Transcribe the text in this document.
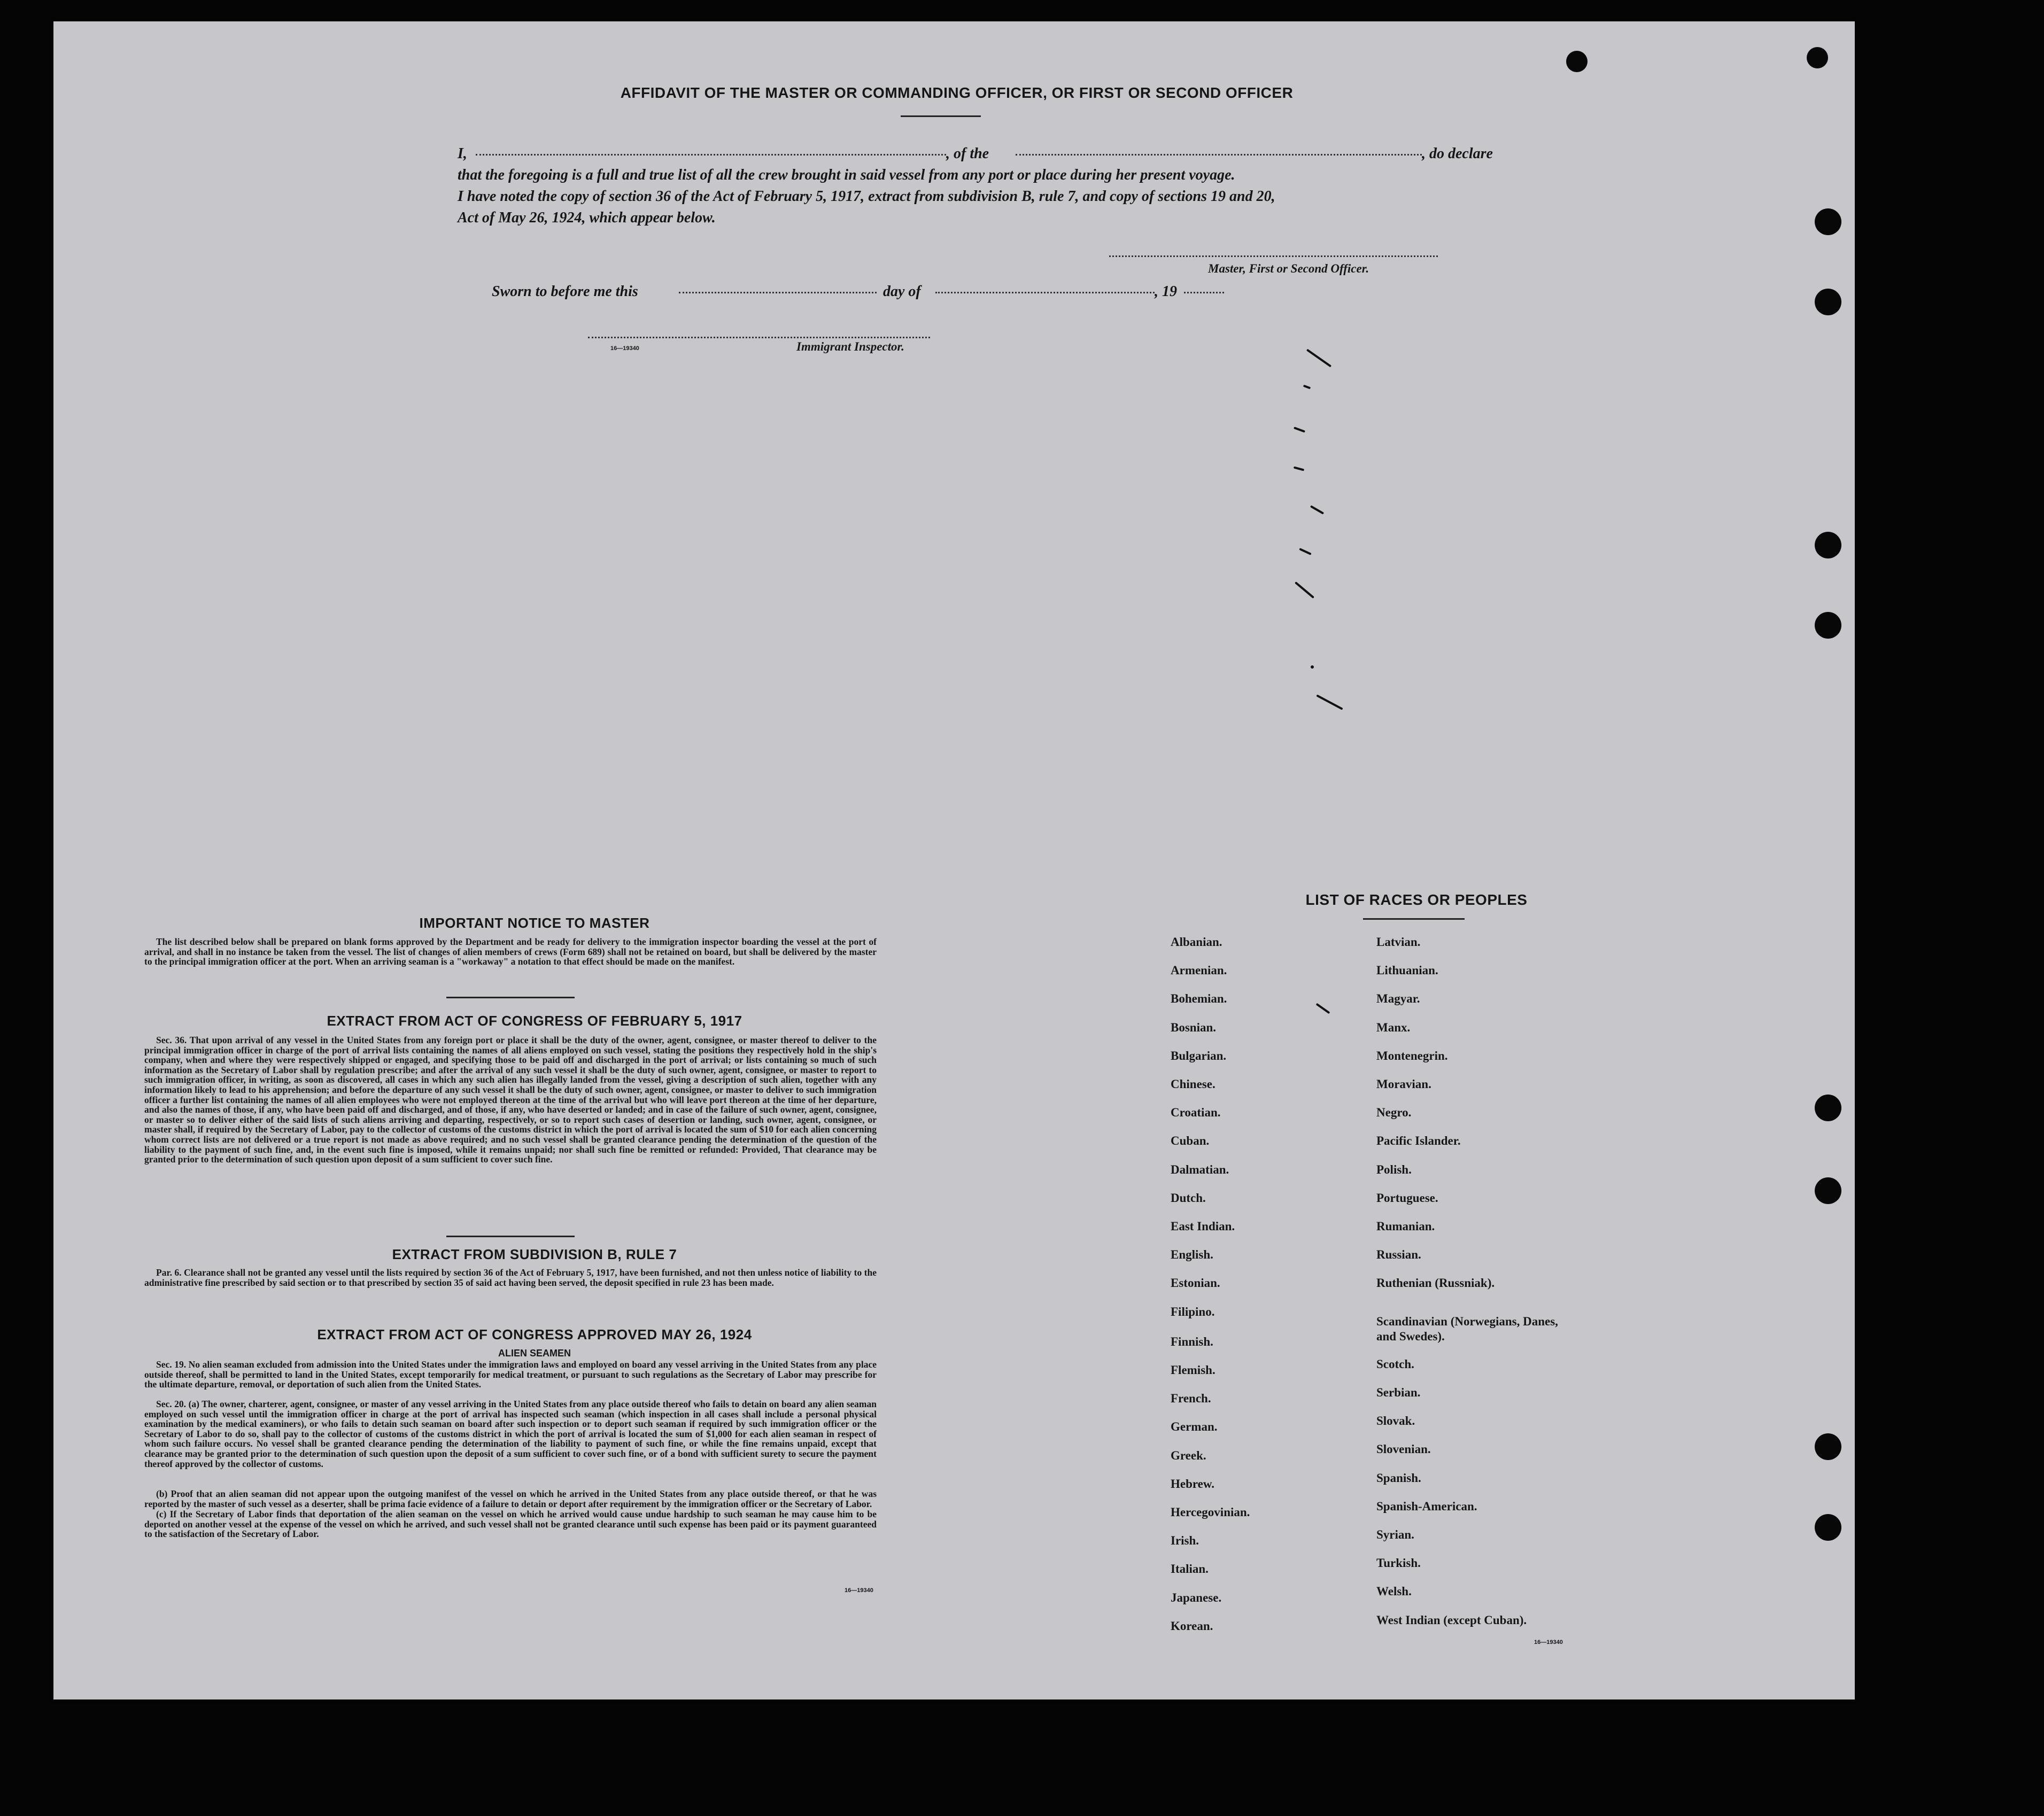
AFFIDAVIT OF THE MASTER OR COMMANDING OFFICER, OR FIRST OR SECOND OFFICER
I,	, of the	, do declare
that the foregoing is a full and true list of all the crew brought in said vessel from any port or place during her present voyage.
I have noted the copy of section 36 of the Act of February 5, 1917, extract from subdivision B, rule 7, and copy of sections 19 and 20,
Act of May 26, 1924, which appear below.
Master, First or Second Officer.
Sworn to before me this	day of	, 19
16—19340	Immigrant Inspector.
IMPORTANT NOTICE TO MASTER
The list described below shall be prepared on blank forms approved by the Department and be ready for delivery to the immigration inspector boarding the vessel at the port of arrival, and shall in no instance be taken from the vessel. The list of changes of alien members of crews (Form 689) shall not be retained on board, but shall be delivered by the master to the principal immigration officer at the port. When an arriving seaman is a "workaway" a notation to that effect should be made on the manifest.
EXTRACT FROM ACT OF CONGRESS OF FEBRUARY 5, 1917
Sec. 36. That upon arrival of any vessel in the United States from any foreign port or place it shall be the duty of the owner, agent, consignee, or master thereof to deliver to the principal immigration officer in charge of the port of arrival lists containing the names of all aliens employed on such vessel, stating the positions they respectively hold in the ship's company, when and where they were respectively shipped or engaged, and specifying those to be paid off and discharged in the port of arrival; or lists containing so much of such information as the Secretary of Labor shall by regulation prescribe; and after the arrival of any such vessel it shall be the duty of such owner, agent, consignee, or master to report to such immigration officer, in writing, as soon as discovered, all cases in which any such alien has illegally landed from the vessel, giving a description of such alien, together with any information likely to lead to his apprehension; and before the departure of any such vessel it shall be the duty of such owner, agent, consignee, or master to deliver to such immigration officer a further list containing the names of all alien employees who were not employed thereon at the time of the arrival but who will leave port thereon at the time of her departure, and also the names of those, if any, who have been paid off and discharged, and of those, if any, who have deserted or landed; and in case of the failure of such owner, agent, consignee, or master so to deliver either of the said lists of such aliens arriving and departing, respectively, or so to report such cases of desertion or landing, such owner, agent, consignee, or master shall, if required by the Secretary of Labor, pay to the collector of customs of the customs district in which the port of arrival is located the sum of $10 for each alien concerning whom correct lists are not delivered or a true report is not made as above required; and no such vessel shall be granted clearance pending the determination of the question of the liability to the payment of such fine, and, in the event such fine is imposed, while it remains unpaid; nor shall such fine be remitted or refunded: Provided, That clearance may be granted prior to the determination of such question upon deposit of a sum sufficient to cover such fine.
EXTRACT FROM SUBDIVISION B, RULE 7
Par. 6. Clearance shall not be granted any vessel until the lists required by section 36 of the Act of February 5, 1917, have been furnished, and not then unless notice of liability to the administrative fine prescribed by said section or to that prescribed by section 35 of said act having been served, the deposit specified in rule 23 has been made.
EXTRACT FROM ACT OF CONGRESS APPROVED MAY 26, 1924
ALIEN SEAMEN
Sec. 19. No alien seaman excluded from admission into the United States under the immigration laws and employed on board any vessel arriving in the United States from any place outside thereof, shall be permitted to land in the United States, except temporarily for medical treatment, or pursuant to such regulations as the Secretary of Labor may prescribe for the ultimate departure, removal, or deportation of such alien from the United States.
Sec. 20. (a) The owner, charterer, agent, consignee, or master of any vessel arriving in the United States from any place outside thereof who fails to detain on board any alien seaman employed on such vessel until the immigration officer in charge at the port of arrival has inspected such seaman (which inspection in all cases shall include a personal physical examination by the medical examiners), or who fails to detain such seaman on board after such inspection or to deport such seaman if required by such immigration officer or the Secretary of Labor to do so, shall pay to the collector of customs of the customs district in which the port of arrival is located the sum of $1,000 for each alien seaman in respect of whom such failure occurs. No vessel shall be granted clearance pending the determination of the liability to payment of such fine, or while the fine remains unpaid, except that clearance may be granted prior to the determination of such question upon the deposit of a sum sufficient to cover such fine, or of a bond with sufficient surety to secure the payment thereof approved by the collector of customs.
(b) Proof that an alien seaman did not appear upon the outgoing manifest of the vessel on which he arrived in the United States from any place outside thereof, or that he was reported by the master of such vessel as a deserter, shall be prima facie evidence of a failure to detain or deport after requirement by the immigration officer or the Secretary of Labor.
(c) If the Secretary of Labor finds that deportation of the alien seaman on the vessel on which he arrived would cause undue hardship to such seaman he may cause him to be deported on another vessel at the expense of the vessel on which he arrived, and such vessel shall not be granted clearance until such expense has been paid or its payment guaranteed to the satisfaction of the Secretary of Labor.
16—19340
LIST OF RACES OR PEOPLES
16—19340
Albanian.
Armenian.
Bohemian.
Bosnian.
Bulgarian.
Chinese.
Croatian.
Cuban.
Dalmatian.
Dutch.
East Indian.
English.
Estonian.
Filipino.
Finnish.
Flemish.
French.
German.
Greek.
Hebrew.
Hercegovinian.
Irish.
Italian.
Japanese.
Korean.
Latvian.
Lithuanian.
Magyar.
Manx.
Montenegrin.
Moravian.
Negro.
Pacific Islander.
Polish.
Portuguese.
Rumanian.
Russian.
Ruthenian (Russniak).
Scandinavian (Norwegians, Danes, and Swedes).
Scotch.
Serbian.
Slovak.
Slovenian.
Spanish.
Spanish-American.
Syrian.
Turkish.
Welsh.
West Indian (except Cuban).
